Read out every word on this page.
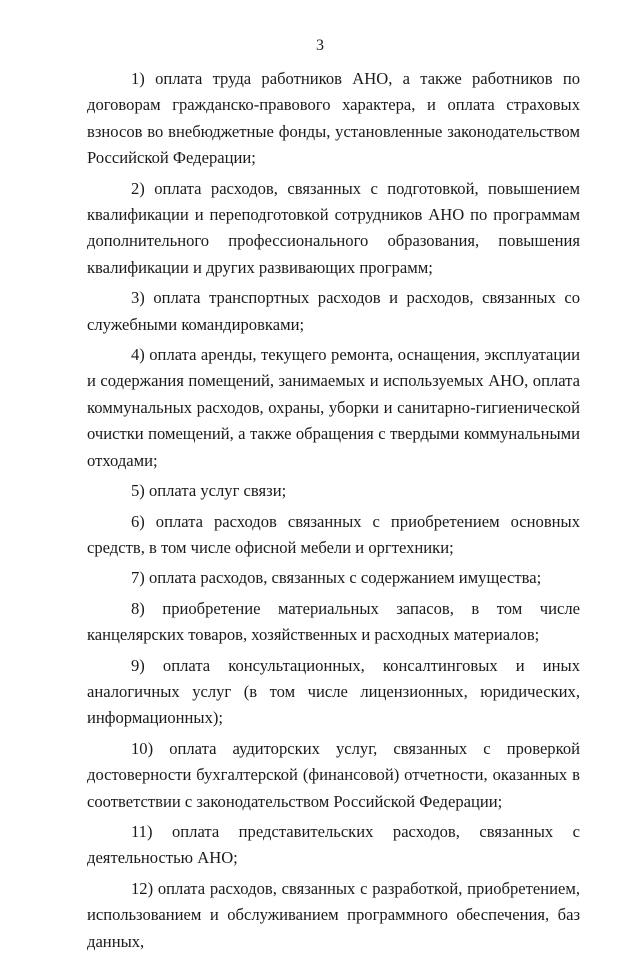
3

1) оплата труда работников АНО, а также работников по договорам гражданско-правового характера, и оплата страховых взносов во внебюджетные фонды, установленные законодательством Российской Федерации;

2) оплата расходов, связанных с подготовкой, повышением квалификации и переподготовкой сотрудников АНО по программам дополнительного профессионального образования, повышения квалификации и других развивающих программ;

3) оплата транспортных расходов и расходов, связанных со служебными командировками;

4) оплата аренды, текущего ремонта, оснащения, эксплуатации и содержания помещений, занимаемых и используемых АНО, оплата коммунальных расходов, охраны, уборки и санитарно-гигиенической очистки помещений, а также обращения с твердыми коммунальными отходами;

5) оплата услуг связи;

6) оплата расходов связанных с приобретением основных средств, в том числе офисной мебели и оргтехники;

7) оплата расходов, связанных с содержанием имущества;

8) приобретение материальных запасов, в том числе канцелярских товаров, хозяйственных и расходных материалов;

9) оплата консультационных, консалтинговых и иных аналогичных услуг (в том числе лицензионных, юридических, информационных);

10) оплата аудиторских услуг, связанных с проверкой достоверности бухгалтерской (финансовой) отчетности, оказанных в соответствии с законодательством Российской Федерации;

11) оплата представительских расходов, связанных с деятельностью АНО;

12) оплата расходов, связанных с разработкой, приобретением, использованием и обслуживанием программного обеспечения, баз данных,
